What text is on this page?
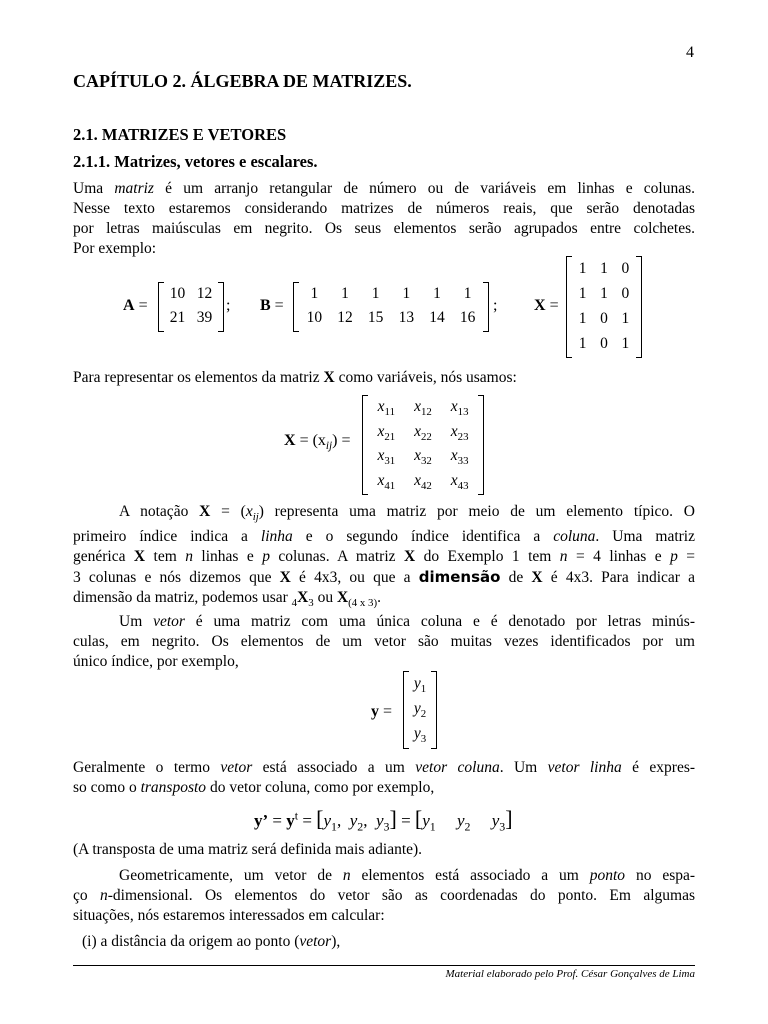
4
CAPÍTULO 2. ÁLGEBRA DE MATRIZES.
2.1. MATRIZES E VETORES
2.1.1. Matrizes, vetores e escalares.

Uma matriz é um arranjo retangular de número ou de variáveis em linhas e colunas.
Nesse texto estaremos considerando matrizes de números reais, que serão denotadas
por letras maiúsculas em negrito. Os seus elementos serão agrupados entre colchetes.
Por exemplo:

A =
10 12
21 39
; B =
1	1	1	1	1	1
10 12 15 13 14 16
; X =
1 1 0
1 1 0
1 0 1
1 0 1

Para representar os elementos da matriz X como variáveis, nós usamos:

$X = (x_{ij})$ =
$x_{11}$	$x_{12}$	$x_{13}$
$x_{21}$	$x_{22}$	$x_{23}$
$x_{31}$	$x_{32}$	$x_{33}$
$x_{41}$	$x_{42}$	$x_{43}$

A notação $X = (x_{ij})$ representa uma matriz por meio de um elemento típico. O
primeiro índice indica a linha e o segundo índice identifica a coluna. Uma matriz
genérica X tem n linhas e p colunas. A matriz X do Exemplo 1 tem n = 4 linhas e p =
3 colunas e nós dizemos que X é 4x3, ou que a dimensão de X é 4x3. Para indicar a
dimensão da matriz, podemos usar $_4X_3$ ou $X_{(4 x 3)}$.

Um vetor é uma matriz com uma única coluna e é denotado por letras minús-
culas, em negrito. Os elementos de um vetor são muitas vezes identificados por um
único índice, por exemplo,

y =
$y_1$
$y_2$
$y_3$

Geralmente o termo vetor está associado a um vetor coluna. Um vetor linha é expres-
so como o transposto do vetor coluna, como por exemplo,

y’ = $y^t = [y_1$, $y_2$, $y_3] = [y_1$ $y_2$ $y_3$]

(A transposta de uma matriz será definida mais adiante).

Geometricamente, um vetor de n elementos está associado a um ponto no espa-
ço n-dimensional. Os elementos do vetor são as coordenadas do ponto. Em algumas
situações, nós estaremos interessados em calcular:

(i) a distância da origem ao ponto (vetor),

Material elaborado pelo Prof. César Gonçalves de Lima
